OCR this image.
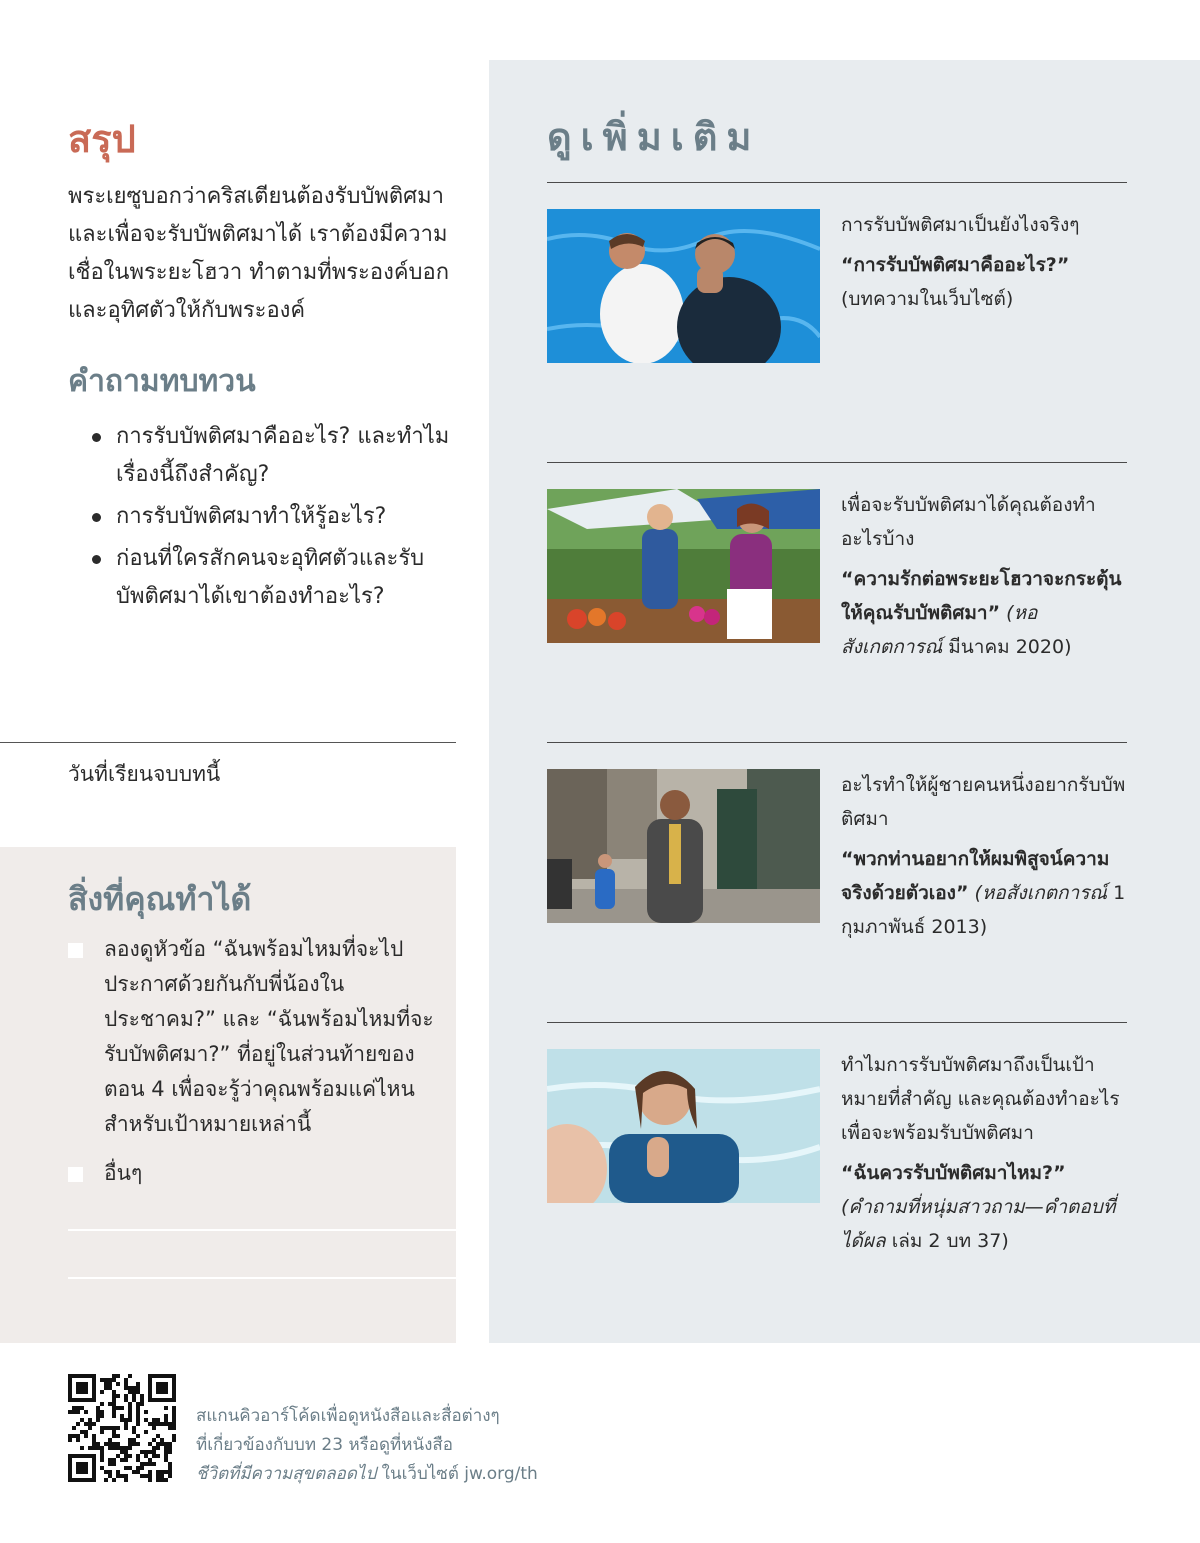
สรุป

พระเยซูบอกว่าคริสเตียนต้องรับบัพติศมา และเพื่อจะรับบัพติศมาได้ เราต้องมีความเชื่อในพระยะโฮวา ทำตามที่พระองค์บอก และอุทิศตัวให้กับพระองค์

คำถามทบทวน
การรับบัพติศมาคืออะไร? และทำไมเรื่องนี้ถึงสำคัญ?
การรับบัพติศมาทำให้รู้อะไร?
ก่อนที่ใครสักคนจะอุทิศตัวและรับบัพติศมาได้เขาต้องทำอะไร?

วันที่เรียนจบบทนี้

สิ่งที่คุณทำได้
ลองดูหัวข้อ “ฉันพร้อมไหมที่จะไปประกาศด้วยกันกับพี่น้องในประชาคม?” และ “ฉันพร้อมไหมที่จะรับบัพติศมา?” ที่อยู่ในส่วนท้ายของตอน 4 เพื่อจะรู้ว่าคุณพร้อมแค่ไหนสำหรับเป้าหมายเหล่านี้
อื่นๆ
ดูเพิ่มเติม

การรับบัพติศมาเป็นยังไงจริงๆ

“การรับบัพติศมาคืออะไร?”
(บทความในเว็บไซต์)

เพื่อจะรับบัพติศมาได้คุณต้องทำอะไรบ้าง

“ความรักต่อพระยะโฮวาจะกระตุ้นให้คุณรับบัพติศมา” (หอสังเกตการณ์ มีนาคม 2020)

อะไรทำให้ผู้ชายคนหนึ่งอยากรับบัพติศมา

“พวกท่านอยากให้ผมพิสูจน์ความจริงด้วยตัวเอง” (หอสังเกตการณ์ 1 กุมภาพันธ์ 2013)

ทำไมการรับบัพติศมาถึงเป็นเป้าหมายที่สำคัญ และคุณต้องทำอะไรเพื่อจะพร้อมรับบัพติศมา

“ฉันควรรับบัพติศมาไหม?”
(คำถามที่หนุ่มสาวถาม—คำตอบที่ได้ผล เล่ม 2 บท 37)

สแกนคิวอาร์โค้ดเพื่อดูหนังสือและสื่อต่างๆ
ที่เกี่ยวข้องกับบท 23 หรือดูที่หนังสือ
ชีวิตที่มีความสุขตลอดไป ในเว็บไซต์ jw.org/th
